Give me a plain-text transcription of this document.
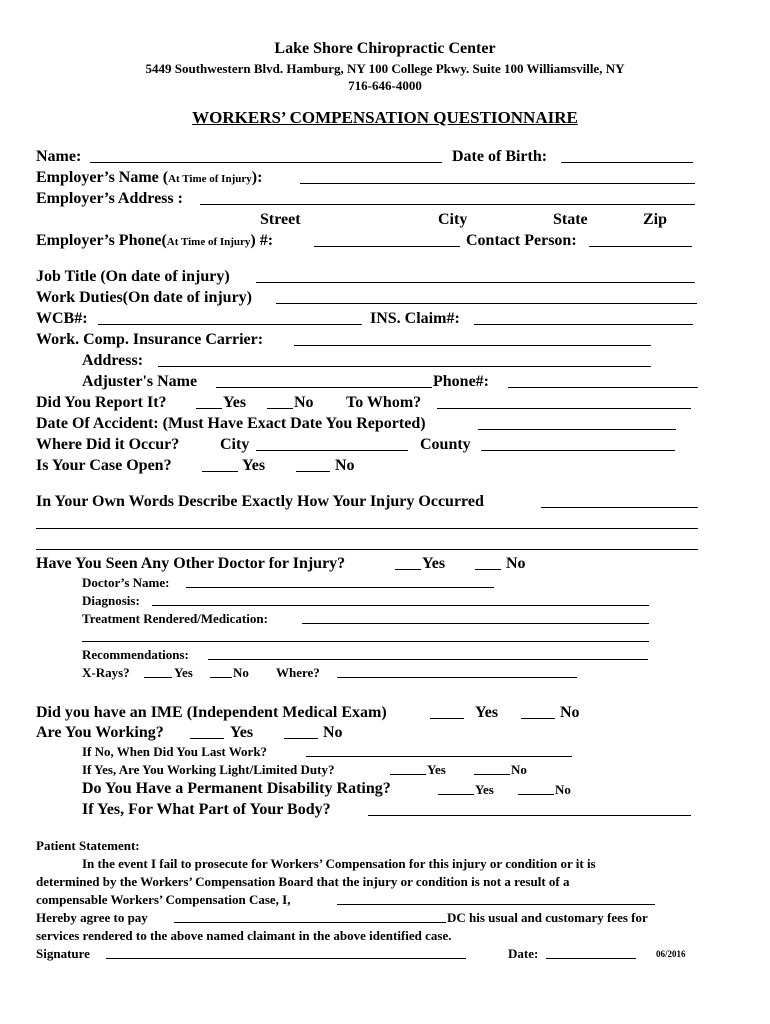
Lake Shore Chiropractic Center
5449 Southwestern Blvd. Hamburg, NY 100 College Pkwy. Suite 100 Williamsville, NY
716-646-4000
WORKERS’ COMPENSATION QUESTIONNAIRE
Name:	Date of Birth:
Employer’s Name (At Time of Injury):
Employer’s Address :
Street	City	State	Zip
Employer’s Phone(At Time of Injury) #:	Contact Person:
Job Title (On date of injury)
Work Duties(On date of injury)
WCB#:	INS. Claim#:
Work. Comp. Insurance Carrier:
Address:
Adjuster's Name	Phone#:
Did You Report It?	Yes	No To Whom?
Date Of Accident: (Must Have Exact Date You Reported)
Where Did it Occur?	City	County
Is Your Case Open?	Yes	No
In Your Own Words Describe Exactly How Your Injury Occurred
Have You Seen Any Other Doctor for Injury?	Yes	No
Doctor’s Name:
Diagnosis:
Treatment Rendered/Medication:
Recommendations:
X-Rays?	Yes	No Where?
Did you have an IME (Independent Medical Exam)	Yes	No
Are You Working?	Yes	No
If No, When Did You Last Work?
If Yes, Are You Working Light/Limited Duty?	Yes	No
Do You Have a Permanent Disability Rating?	Yes	No
If Yes, For What Part of Your Body?
Patient Statement:
In the event I fail to prosecute for Workers’ Compensation for this injury or condition or it is
determined by the Workers’ Compensation Board that the injury or condition is not a result of a
compensable Workers’ Compensation Case, I,
Hereby agree to pay	DC his usual and customary fees for
services rendered to the above named claimant in the above identified case.
Signature	Date:	06/2016
